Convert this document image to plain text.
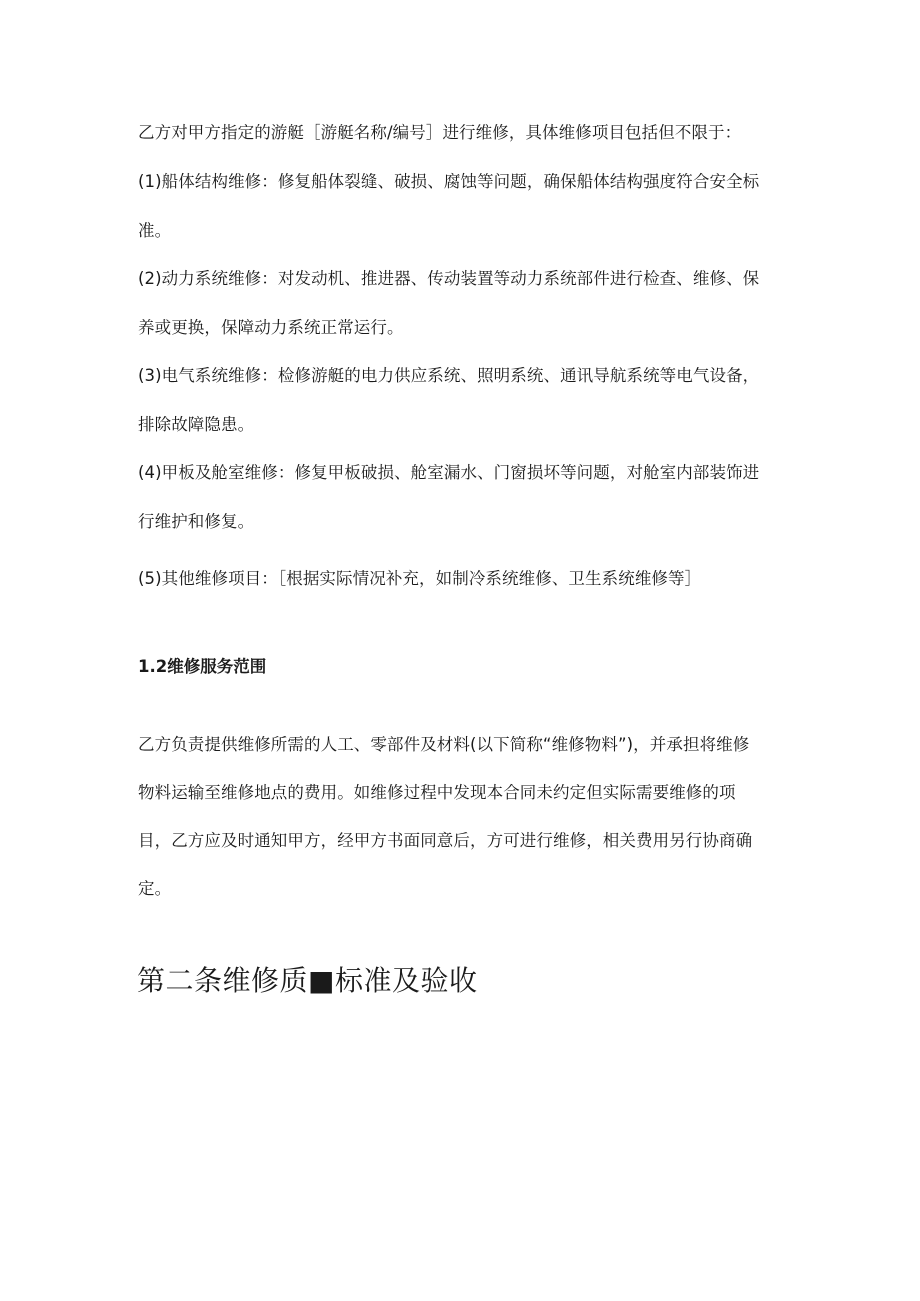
乙方对甲方指定的游艇［游艇名称/编号］进行维修，具体维修项目包括但不限于：
(1)船体结构维修：修复船体裂缝、破损、腐蚀等问题，确保船体结构强度符合安全标
准。
(2)动力系统维修：对发动机、推进器、传动装置等动力系统部件进行检查、维修、保
养或更换，保障动力系统正常运行。
(3)电气系统维修：检修游艇的电力供应系统、照明系统、通讯导航系统等电气设备，
排除故障隐患。
(4)甲板及舱室维修：修复甲板破损、舱室漏水、门窗损坏等问题，对舱室内部装饰进
行维护和修复。
(5)其他维修项目：［根据实际情况补充，如制冷系统维修、卫生系统维修等］
1.2维修服务范围
乙方负责提供维修所需的人工、零部件及材料(以下简称“维修物料”)，并承担将维修
物料运输至维修地点的费用。如维修过程中发现本合同未约定但实际需要维修的项
目，乙方应及时通知甲方，经甲方书面同意后，方可进行维修，相关费用另行协商确
定。
第二条维修质■标准及验收
